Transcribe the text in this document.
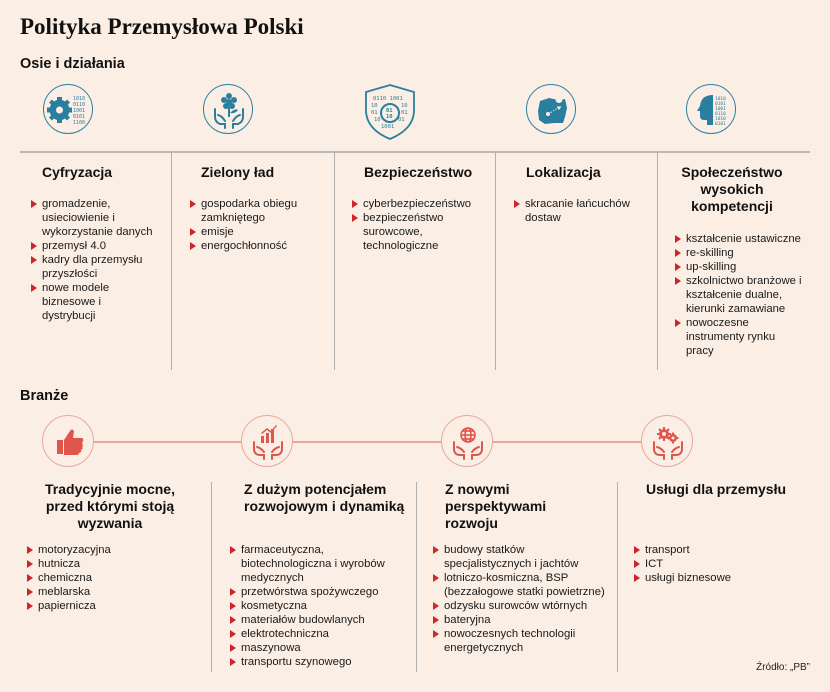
Polityka Przemysłowa Polski
Osie i działania
1010
0110
1001
0101
1100
0110 1001
10	10
01	01
10	01
1001
01
10
1010
0101
1001
0110
1010
0101
Cyfryzacja
gromadzenie, usieciowienie i wykorzystanie danych
przemysł 4.0
kadry dla przemysłu przyszłości
nowe modele biznesowe i dystrybucji
Zielony ład
gospodarka obiegu zamkniętego
emisje
energochłonność
Bezpieczeństwo
cyberbezpieczeństwo
bezpieczeństwo surowcowe, technologiczne
Lokalizacja
skracanie łańcuchów dostaw
Społeczeństwo wysokich kompetencji
kształcenie ustawiczne
re-skilling
up-skilling
szkolnictwo branżowe i kształcenie dualne, kierunki zamawiane
nowoczesne instrumenty rynku pracy
Branże
Tradycyjnie mocne, przed którymi stoją wyzwania
motoryzacyjna
hutnicza
chemiczna
meblarska
papiernicza
Z dużym potencjałem rozwojowym i dynamiką
farmaceutyczna, biotechnologiczna i wyrobów medycznych
przetwórstwa spożywczego
kosmetyczna
materiałów budowlanych
elektrotechniczna
maszynowa
transportu szynowego
Z nowymi perspektywami rozwoju
budowy statków specjalistycznych i jachtów
lotniczo-kosmiczna, BSP (bezzałogowe statki powietrzne)
odzysku surowców wtórnych
bateryjna
nowoczesnych technologii energetycznych
Usługi dla przemysłu
transport
ICT
usługi biznesowe
Źródło: „PB”
